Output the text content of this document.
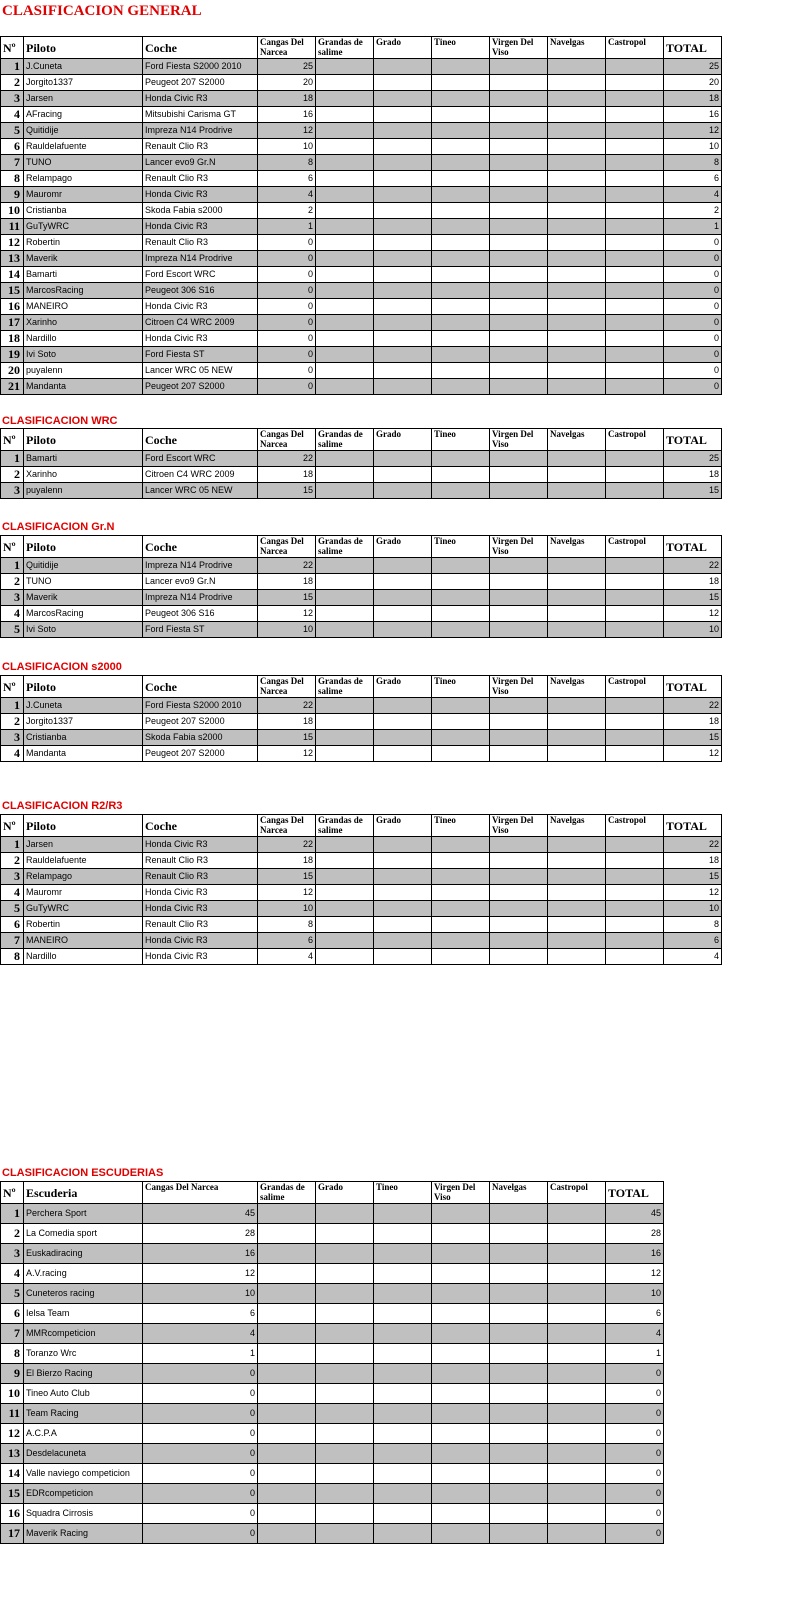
CLASIFICACION GENERAL
CLASIFICACION WRC
CLASIFICACION Gr.N
CLASIFICACION s2000
CLASIFICACION R2/R3
CLASIFICACION ESCUDERIAS
Nº	Piloto	Coche	Cangas Del Narcea	Grandas de salime	Grado	Tineo	Virgen Del Viso	Navelgas	Castropol	TOTAL
1	J.Cuneta	Ford Fiesta S2000 2010	25							25
2	Jorgito1337	Peugeot 207 S2000	20							20
3	Jarsen	Honda Civic R3	18							18
4	AFracing	Mitsubishi Carisma GT	16							16
5	Quitidije	Impreza N14 Prodrive	12							12
6	Rauldelafuente	Renault Clio R3	10							10
7	TUNO	Lancer evo9 Gr.N	8							8
8	Relampago	Renault Clio R3	6							6
9	Mauromr	Honda Civic R3	4							4
10	Cristianba	Skoda Fabia s2000	2							2
11	GuTyWRC	Honda Civic R3	1							1
12	Robertin	Renault Clio R3	0							0
13	Maverik	Impreza N14 Prodrive	0							0
14	Bamarti	Ford Escort WRC	0							0
15	MarcosRacing	Peugeot 306 S16	0							0
16	MANEIRO	Honda Civic R3	0							0
17	Xarinho	Citroen C4 WRC 2009	0							0
18	Nardillo	Honda Civic R3	0							0
19	Ivi Soto	Ford Fiesta ST	0							0
20	puyalenn	Lancer WRC 05 NEW	0							0
21	Mandanta	Peugeot 207 S2000	0							0
Nº	Piloto	Coche	Cangas Del Narcea	Grandas de salime	Grado	Tineo	Virgen Del Viso	Navelgas	Castropol	TOTAL
1	Bamarti	Ford Escort WRC	22							25
2	Xarinho	Citroen C4 WRC 2009	18							18
3	puyalenn	Lancer WRC 05 NEW	15							15
Nº	Piloto	Coche	Cangas Del Narcea	Grandas de salime	Grado	Tineo	Virgen Del Viso	Navelgas	Castropol	TOTAL
1	Quitidije	Impreza N14 Prodrive	22							22
2	TUNO	Lancer evo9 Gr.N	18							18
3	Maverik	Impreza N14 Prodrive	15							15
4	MarcosRacing	Peugeot 306 S16	12							12
5	Ivi Soto	Ford Fiesta ST	10							10
Nº	Piloto	Coche	Cangas Del Narcea	Grandas de salime	Grado	Tineo	Virgen Del Viso	Navelgas	Castropol	TOTAL
1	J.Cuneta	Ford Fiesta S2000 2010	22							22
2	Jorgito1337	Peugeot 207 S2000	18							18
3	Cristianba	Skoda Fabia s2000	15							15
4	Mandanta	Peugeot 207 S2000	12							12
Nº	Piloto	Coche	Cangas Del Narcea	Grandas de salime	Grado	Tineo	Virgen Del Viso	Navelgas	Castropol	TOTAL
1	Jarsen	Honda Civic R3	22							22
2	Rauldelafuente	Renault Clio R3	18							18
3	Relampago	Renault Clio R3	15							15
4	Mauromr	Honda Civic R3	12							12
5	GuTyWRC	Honda Civic R3	10							10
6	Robertin	Renault Clio R3	8							8
7	MANEIRO	Honda Civic R3	6							6
8	Nardillo	Honda Civic R3	4							4
Nº	Escuderia	Cangas Del Narcea	Grandas de salime	Grado	Tineo	Virgen Del Viso	Navelgas	Castropol	TOTAL
1	Perchera Sport	45							45
2	La Comedia sport	28							28
3	Euskadiracing	16							16
4	A.V.racing	12							12
5	Cuneteros racing	10							10
6	Ielsa Team	6							6
7	MMRcompeticion	4							4
8	Toranzo Wrc	1							1
9	El Bierzo Racing	0							0
10	Tineo Auto Club	0							0
11	Team Racing	0							0
12	A.C.P.A	0							0
13	Desdelacuneta	0							0
14	Valle naviego competicion	0							0
15	EDRcompeticion	0							0
16	Squadra Cirrosis	0							0
17	Maverik Racing	0							0
